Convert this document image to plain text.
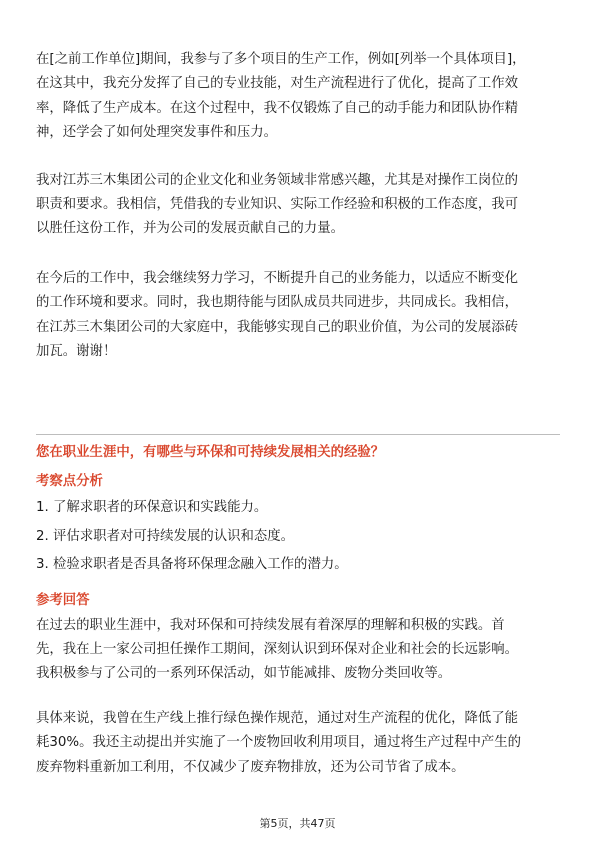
在[之前工作单位]期间，我参与了多个项目的生产工作，例如[列举一个具体项目]，
在这其中，我充分发挥了自己的专业技能，对生产流程进行了优化，提高了工作效
率，降低了生产成本。在这个过程中，我不仅锻炼了自己的动手能力和团队协作精
神，还学会了如何处理突发事件和压力。

我对江苏三木集团公司的企业文化和业务领域非常感兴趣，尤其是对操作工岗位的
职责和要求。我相信，凭借我的专业知识、实际工作经验和积极的工作态度，我可
以胜任这份工作，并为公司的发展贡献自己的力量。

在今后的工作中，我会继续努力学习，不断提升自己的业务能力，以适应不断变化
的工作环境和要求。同时，我也期待能与团队成员共同进步，共同成长。我相信，
在江苏三木集团公司的大家庭中，我能够实现自己的职业价值，为公司的发展添砖
加瓦。谢谢！

您在职业生涯中，有哪些与环保和可持续发展相关的经验？

考察点分析

1. 了解求职者的环保意识和实践能力。

2. 评估求职者对可持续发展的认识和态度。

3. 检验求职者是否具备将环保理念融入工作的潜力。

参考回答

在过去的职业生涯中，我对环保和可持续发展有着深厚的理解和积极的实践。首
先，我在上一家公司担任操作工期间，深刻认识到环保对企业和社会的长远影响。
我积极参与了公司的一系列环保活动，如节能减排、废物分类回收等。

具体来说，我曾在生产线上推行绿色操作规范，通过对生产流程的优化，降低了能
耗30%。我还主动提出并实施了一个废物回收利用项目，通过将生产过程中产生的
废弃物料重新加工利用，不仅减少了废弃物排放，还为公司节省了成本。

第5页，共47页
